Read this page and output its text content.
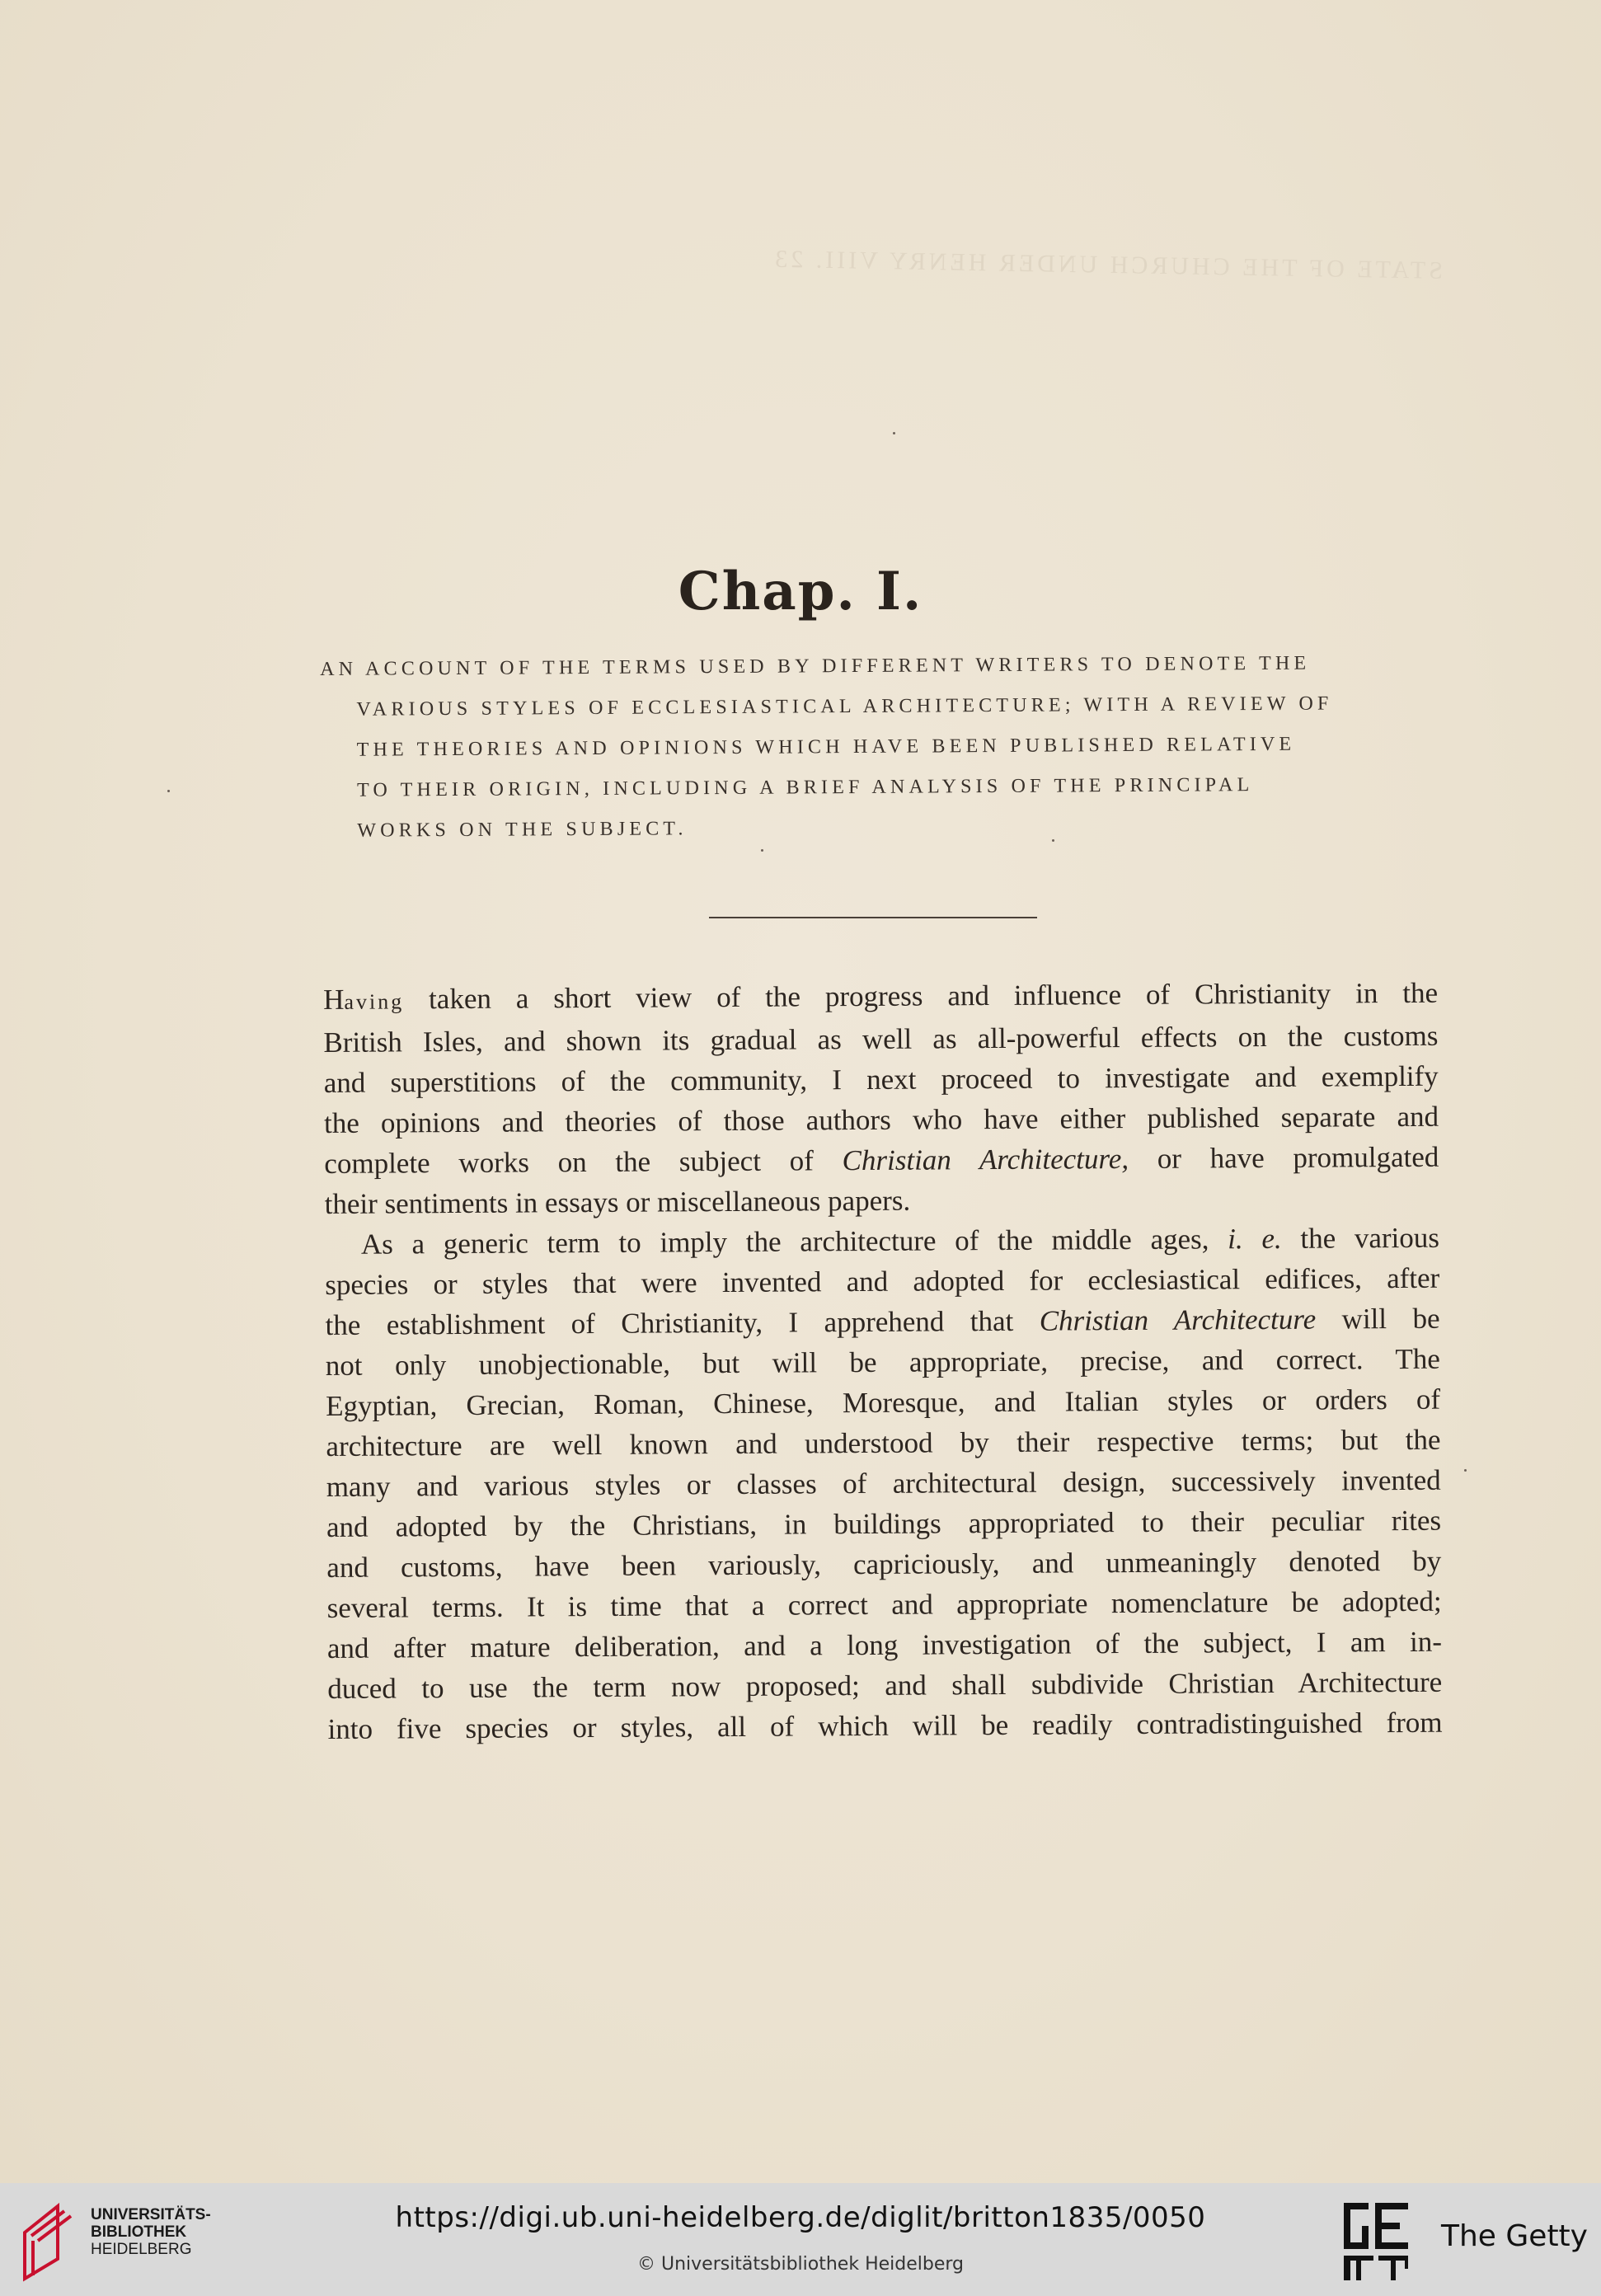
STATE OF THE CHURCH UNDER HENRY VIII. 23
Chap. I.
AN ACCOUNT OF THE TERMS USED BY DIFFERENT WRITERS TO DENOTE THE
VARIOUS STYLES OF ECCLESIASTICAL ARCHITECTURE; WITH A REVIEW OF
THE THEORIES AND OPINIONS WHICH HAVE BEEN PUBLISHED RELATIVE
TO THEIR ORIGIN, INCLUDING A BRIEF ANALYSIS OF THE PRINCIPAL
WORKS ON THE SUBJECT.
Having taken a short view of the progress and influence of Christianity in the
British Isles, and shown its gradual as well as all-powerful effects on the customs
and superstitions of the community, I next proceed to investigate and exemplify
the opinions and theories of those authors who have either published separate and
complete works on the subject of Christian Architecture, or have promulgated
their sentiments in essays or miscellaneous papers.
As a generic term to imply the architecture of the middle ages, i. e. the various
species or styles that were invented and adopted for ecclesiastical edifices, after
the establishment of Christianity, I apprehend that Christian Architecture will be
not only unobjectionable, but will be appropriate, precise, and correct. The
Egyptian, Grecian, Roman, Chinese, Moresque, and Italian styles or orders of
architecture are well known and understood by their respective terms; but the
many and various styles or classes of architectural design, successively invented
and adopted by the Christians, in buildings appropriated to their peculiar rites
and customs, have been variously, capriciously, and unmeaningly denoted by
several terms. It is time that a correct and appropriate nomenclature be adopted;
and after mature deliberation, and a long investigation of the subject, I am in-
duced to use the term now proposed; and shall subdivide Christian Architecture
into five species or styles, all of which will be readily contradistinguished from
UNIVERSITÄTS-
BIBLIOTHEK
HEIDELBERG
https://digi.ub.uni-heidelberg.de/diglit/britton1835/0050
© Universitätsbibliothek Heidelberg
The Getty
